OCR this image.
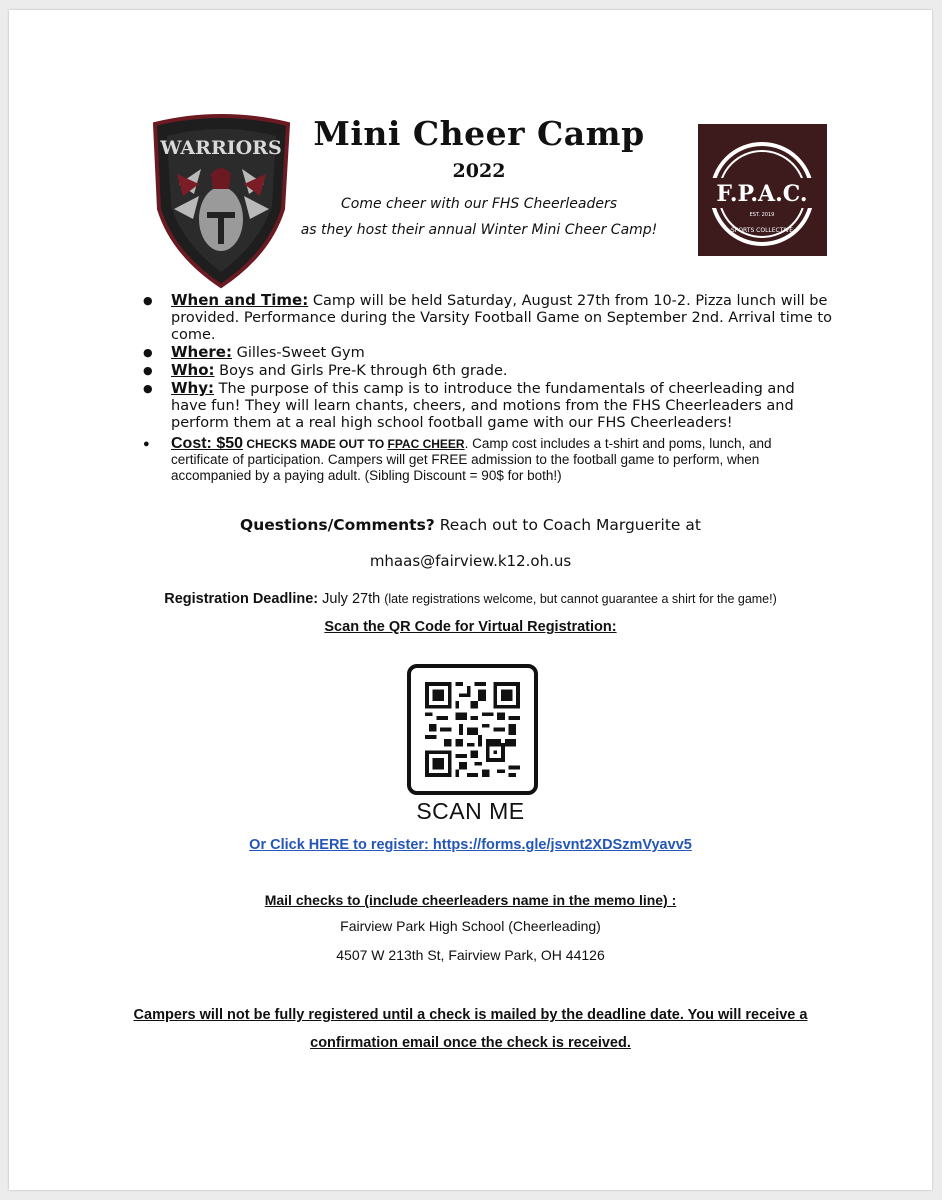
WARRIORS
F.P.A.C.
EST. 2019
SPORTS COLLECTIVE
Mini Cheer Camp
2022
Come cheer with our FHS Cheerleaders
as they host their annual Winter Mini Cheer Camp!
● When and Time: Camp will be held Saturday, August 27th from 10-2. Pizza lunch will be provided. Performance during the Varsity Football Game on September 2nd. Arrival time to come.
● Where: Gilles-Sweet Gym
● Who: Boys and Girls Pre-K through 6th grade.
● Why: The purpose of this camp is to introduce the fundamentals of cheerleading and have fun! They will learn chants, cheers, and motions from the FHS Cheerleaders and perform them at a real high school football game with our FHS Cheerleaders!
● Cost: $50 CHECKS MADE OUT TO FPAC CHEER. Camp cost includes a t-shirt and poms, lunch, and certificate of participation. Campers will get FREE admission to the football game to perform, when accompanied by a paying adult. (Sibling Discount = 90$ for both!)
Questions/Comments? Reach out to Coach Marguerite at
mhaas@fairview.k12.oh.us
Registration Deadline: July 27th (late registrations welcome, but cannot guarantee a shirt for the game!)
Scan the QR Code for Virtual Registration:
SCAN ME
Or Click HERE to register: https://forms.gle/jsvnt2XDSzmVyavv5
Mail checks to (include cheerleaders name in the memo line) :
Fairview Park High School (Cheerleading)
4507 W 213th St, Fairview Park, OH 44126
Campers will not be fully registered until a check is mailed by the deadline date. You will receive a
confirmation email once the check is received.
